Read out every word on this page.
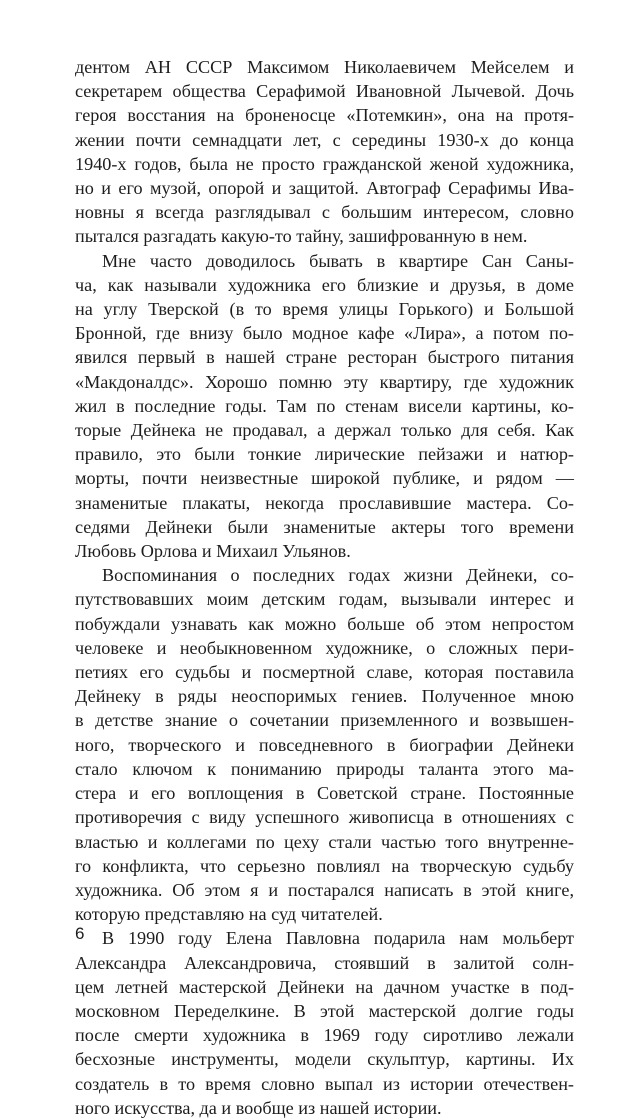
дентом АН СССР Максимом Николаевичем Мейселем и
секретарем общества Серафимой Ивановной Лычевой. Дочь
героя восстания на броненосце «Потемкин», она на протя-
жении почти семнадцати лет, с середины 1930-х до конца
1940-х годов, была не просто гражданской женой художника,
но и его музой, опорой и защитой. Автограф Серафимы Ива-
новны я всегда разглядывал с большим интересом, словно
пытался разгадать какую-то тайну, зашифрованную в нем.

Мне часто доводилось бывать в квартире Сан Саны-
ча, как называли художника его близкие и друзья, в доме
на углу Тверской (в то время улицы Горького) и Большой
Бронной, где внизу было модное кафе «Лира», а потом по-
явился первый в нашей стране ресторан быстрого питания
«Макдоналдс». Хорошо помню эту квартиру, где художник
жил в последние годы. Там по стенам висели картины, ко-
торые Дейнека не продавал, а держал только для себя. Как
правило, это были тонкие лирические пейзажи и натюр-
морты, почти неизвестные широкой публике, и рядом —
знаменитые плакаты, некогда прославившие мастера. Со-
седями Дейнеки были знаменитые актеры того времени
Любовь Орлова и Михаил Ульянов.

Воспоминания о последних годах жизни Дейнеки, со-
путствовавших моим детским годам, вызывали интерес и
побуждали узнавать как можно больше об этом непростом
человеке и необыкновенном художнике, о сложных пери-
петиях его судьбы и посмертной славе, которая поставила
Дейнеку в ряды неоспоримых гениев. Полученное мною
в детстве знание о сочетании приземленного и возвышен-
ного, творческого и повседневного в биографии Дейнеки
стало ключом к пониманию природы таланта этого ма-
стера и его воплощения в Советской стране. Постоянные
противоречия с виду успешного живописца в отношениях с
властью и коллегами по цеху стали частью того внутренне-
го конфликта, что серьезно повлиял на творческую судьбу
художника. Об этом я и постарался написать в этой книге,
которую представляю на суд читателей.

В 1990 году Елена Павловна подарила нам мольберт
Александра Александровича, стоявший в залитой солн-
цем летней мастерской Дейнеки на дачном участке в под-
московном Переделкине. В этой мастерской долгие годы
после смерти художника в 1969 году сиротливо лежали
бесхозные инструменты, модели скульптур, картины. Их
создатель в то время словно выпал из истории отечествен-
ного искусства, да и вообще из нашей истории.

6
